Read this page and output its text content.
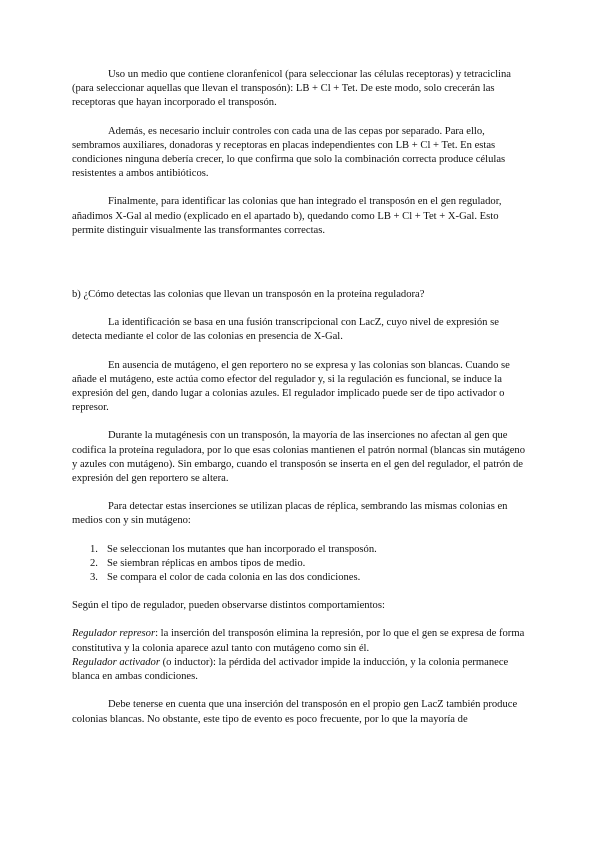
Uso un medio que contiene cloranfenicol (para seleccionar las células receptoras) y tetraciclina (para seleccionar aquellas que llevan el transposón): LB + Cl + Tet. De este modo, solo crecerán las receptoras que hayan incorporado el transposón.

Además, es necesario incluir controles con cada una de las cepas por separado. Para ello, sembramos auxiliares, donadoras y receptoras en placas independientes con LB + Cl + Tet. En estas condiciones ninguna debería crecer, lo que confirma que solo la combinación correcta produce células resistentes a ambos antibióticos.

Finalmente, para identificar las colonias que han integrado el transposón en el gen regulador, añadimos X-Gal al medio (explicado en el apartado b), quedando como LB + Cl + Tet + X-Gal. Esto permite distinguir visualmente las transformantes correctas.

b) ¿Cómo detectas las colonias que llevan un transposón en la proteína reguladora?

La identificación se basa en una fusión transcripcional con LacZ, cuyo nivel de expresión se detecta mediante el color de las colonias en presencia de X-Gal.

En ausencia de mutágeno, el gen reportero no se expresa y las colonias son blancas. Cuando se añade el mutágeno, este actúa como efector del regulador y, si la regulación es funcional, se induce la expresión del gen, dando lugar a colonias azules. El regulador implicado puede ser de tipo activador o represor.

Durante la mutagénesis con un transposón, la mayoría de las inserciones no afectan al gen que codifica la proteína reguladora, por lo que esas colonias mantienen el patrón normal (blancas sin mutágeno y azules con mutágeno). Sin embargo, cuando el transposón se inserta en el gen del regulador, el patrón de expresión del gen reportero se altera.

Para detectar estas inserciones se utilizan placas de réplica, sembrando las mismas colonias en medios con y sin mutágeno:

1. Se seleccionan los mutantes que han incorporado el transposón.
2. Se siembran réplicas en ambos tipos de medio.
3. Se compara el color de cada colonia en las dos condiciones.

Según el tipo de regulador, pueden observarse distintos comportamientos:

Regulador represor: la inserción del transposón elimina la represión, por lo que el gen se expresa de forma constitutiva y la colonia aparece azul tanto con mutágeno como sin él.

Regulador activador (o inductor): la pérdida del activador impide la inducción, y la colonia permanece blanca en ambas condiciones.

Debe tenerse en cuenta que una inserción del transposón en el propio gen LacZ también produce colonias blancas. No obstante, este tipo de evento es poco frecuente, por lo que la mayoría de
